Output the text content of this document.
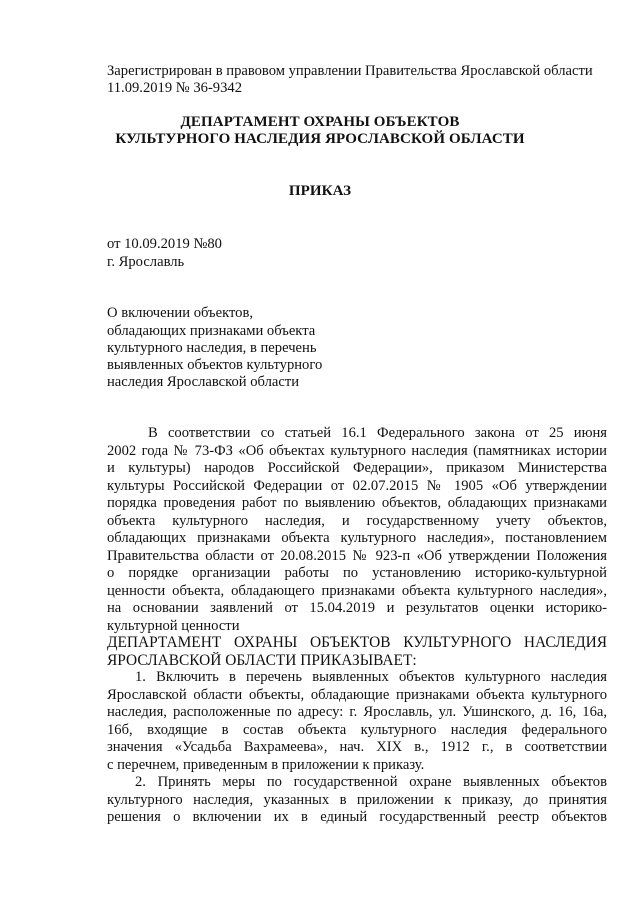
Зарегистрирован в правовом управлении Правительства Ярославской области
11.09.2019 № 36-9342
ДЕПАРТАМЕНТ ОХРАНЫ ОБЪЕКТОВ
КУЛЬТУРНОГО НАСЛЕДИЯ ЯРОСЛАВСКОЙ ОБЛАСТИ
ПРИКАЗ
от 10.09.2019 №80
г. Ярославль
О включении объектов,
обладающих признаками объекта
культурного наследия, в перечень
выявленных объектов культурного
наследия Ярославской области
В соответствии со статьей 16.1 Федерального закона от 25 июня
2002 года № 73-ФЗ «Об объектах культурного наследия (памятниках истории
и культуры) народов Российской Федерации», приказом Министерства
культуры Российской Федерации от 02.07.2015 № 1905 «Об утверждении
порядка проведения работ по выявлению объектов, обладающих признаками
объекта культурного наследия, и государственному учету объектов,
обладающих признаками объекта культурного наследия», постановлением
Правительства области от 20.08.2015 № 923-п «Об утверждении Положения
о порядке организации работы по установлению историко-культурной
ценности объекта, обладающего признаками объекта культурного наследия»,
на основании заявлений от 15.04.2019 и результатов оценки историко-
культурной ценности
ДЕПАРТАМЕНТ ОХРАНЫ ОБЪЕКТОВ КУЛЬТУРНОГО НАСЛЕДИЯ
ЯРОСЛАВСКОЙ ОБЛАСТИ ПРИКАЗЫВАЕТ:
1. Включить в перечень выявленных объектов культурного наследия
Ярославской области объекты, обладающие признаками объекта культурного
наследия, расположенные по адресу: г. Ярославль, ул. Ушинского, д. 16, 16а,
16б, входящие в состав объекта культурного наследия федерального
значения «Усадьба Вахрамеева», нач. XIX в., 1912 г., в соответствии
с перечнем, приведенным в приложении к приказу.
2. Принять меры по государственной охране выявленных объектов
культурного наследия, указанных в приложении к приказу, до принятия
решения о включении их в единый государственный реестр объектов
